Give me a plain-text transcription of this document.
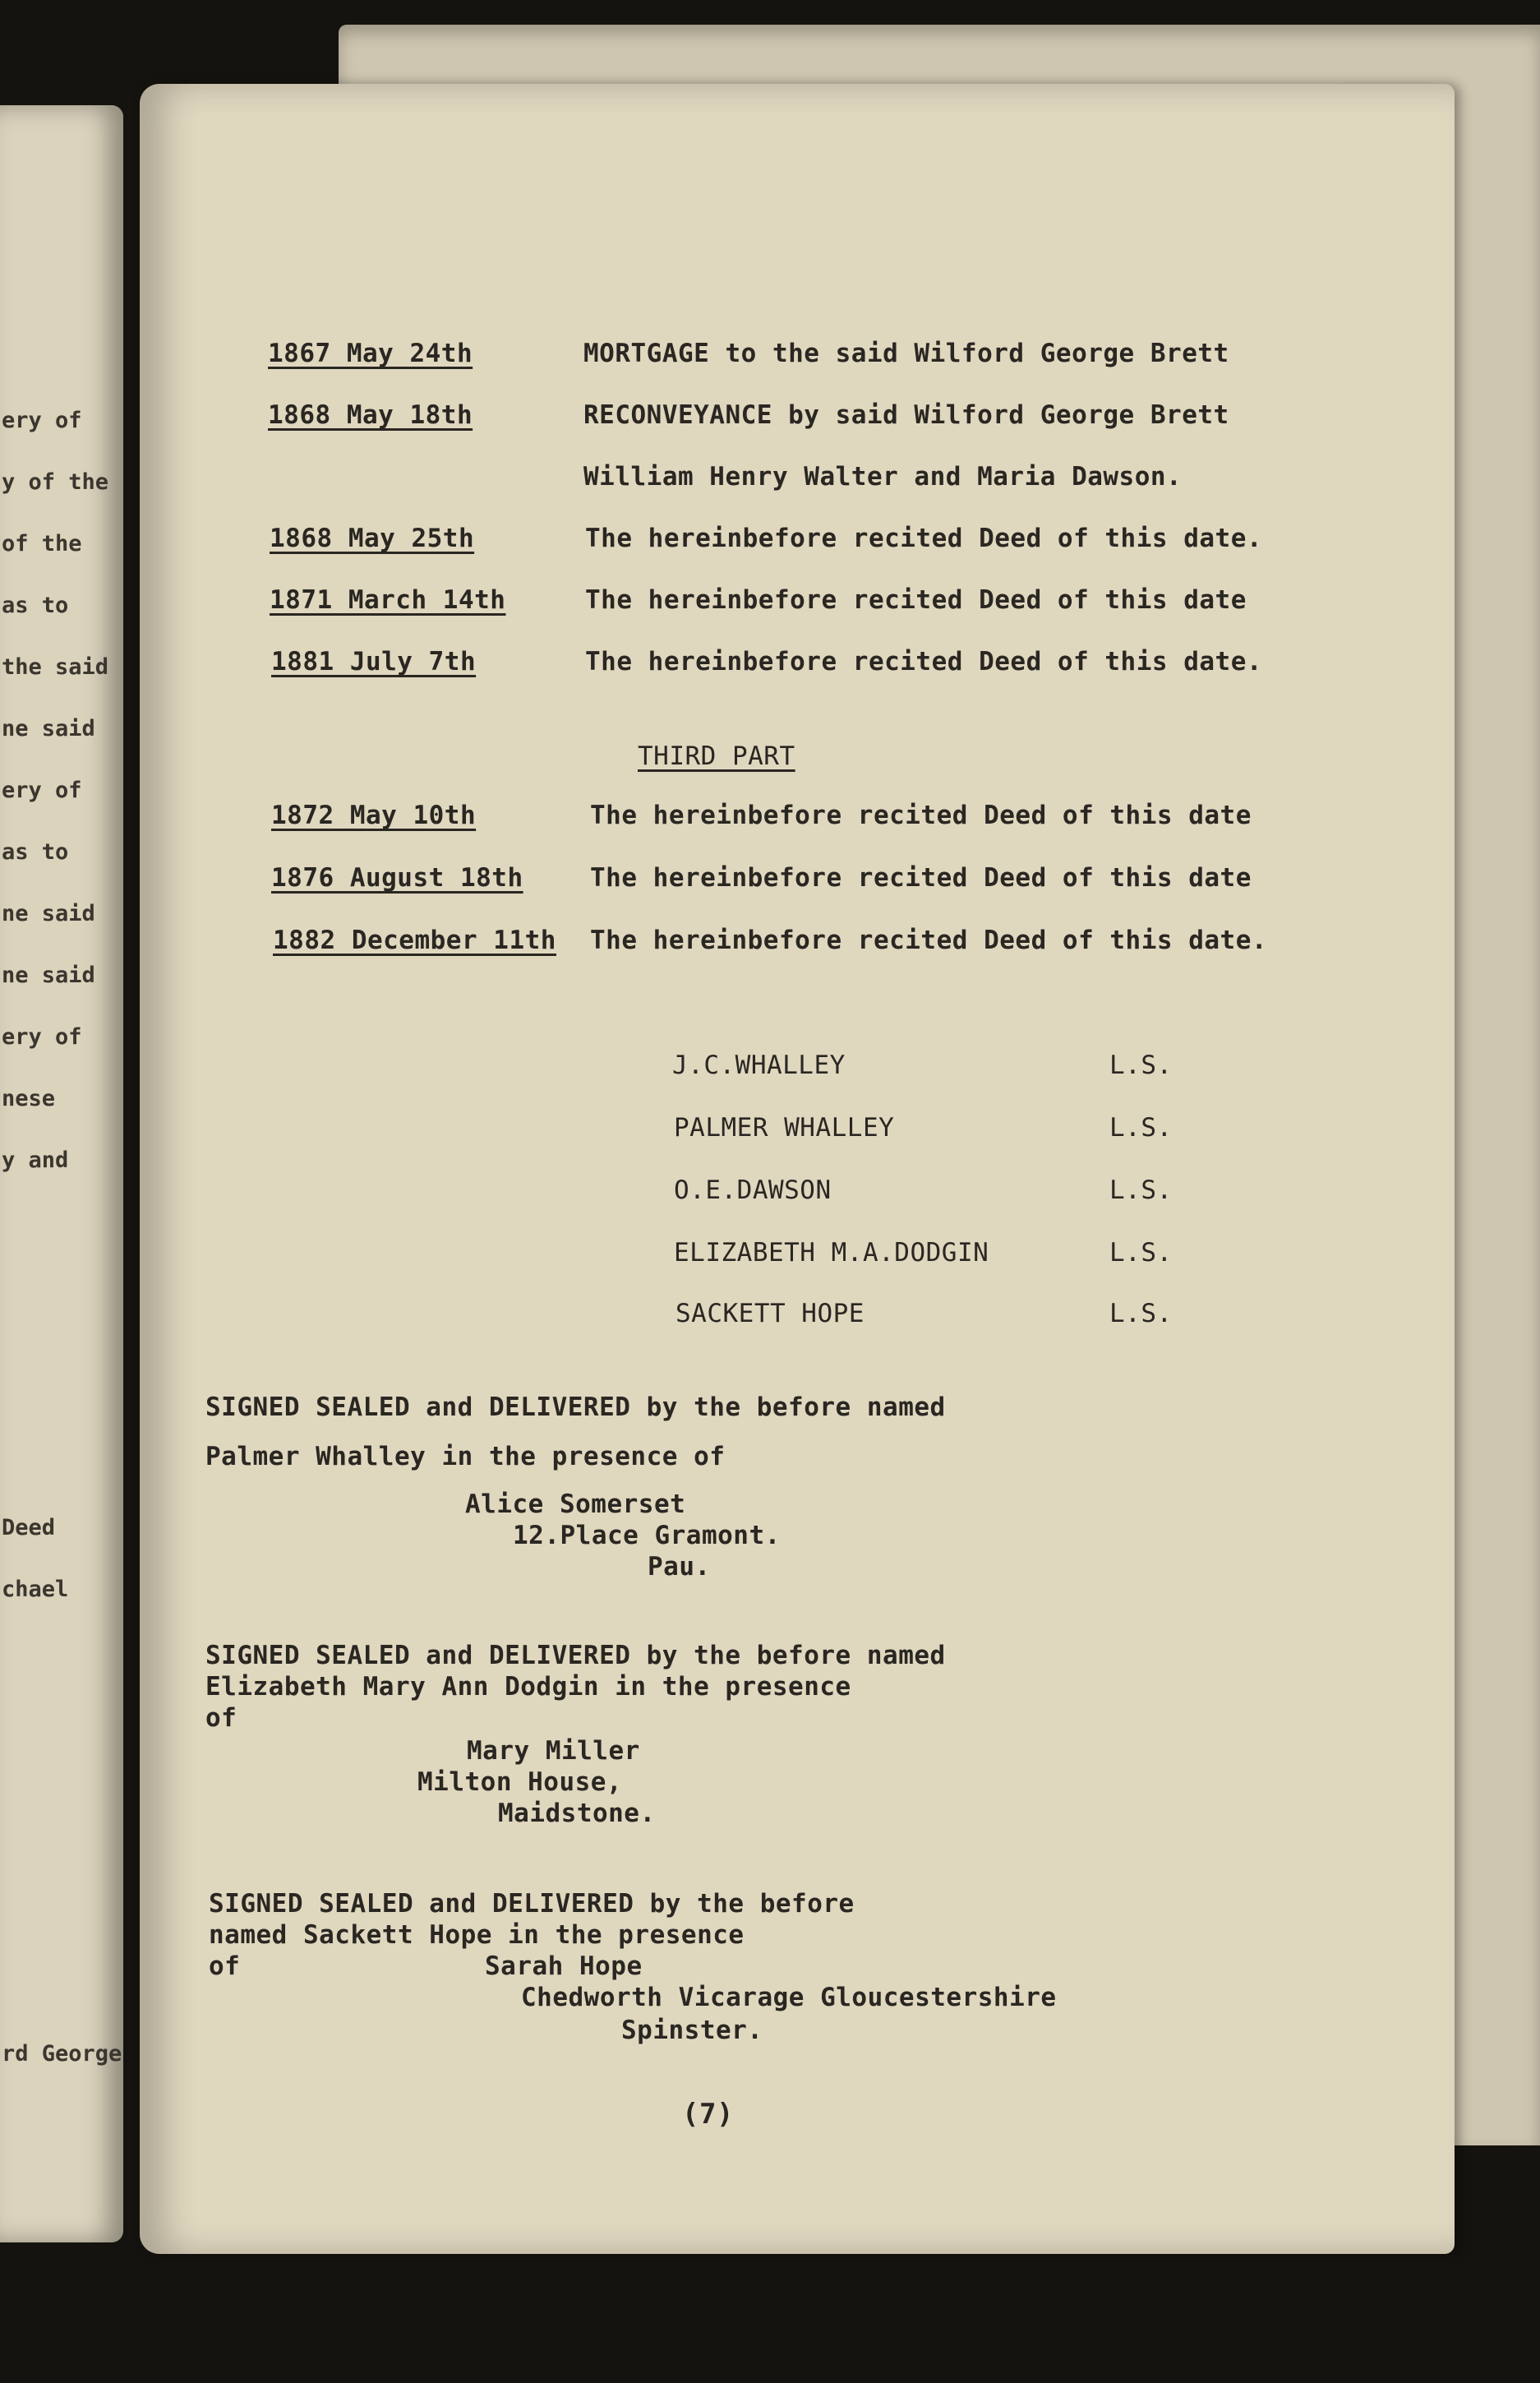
ery of
y of the
of the
as to
the said
ne said
ery of
as to
ne said
ne said
ery of
nese
y and
Deed
chael
rd George
1867 May 24th	MORTGAGE to the said Wilford George Brett
1868 May 18th	RECONVEYANCE by said Wilford George Brett
William Henry Walter and Maria Dawson.
1868 May 25th	The hereinbefore recited Deed of this date.
1871 March 14th	The hereinbefore recited Deed of this date
1881 July 7th	The hereinbefore recited Deed of this date.
THIRD PART
1872 May 10th	The hereinbefore recited Deed of this date
1876 August 18th	The hereinbefore recited Deed of this date
1882 December 11th The hereinbefore recited Deed of this date.
J.C.WHALLEY	L.S.
PALMER WHALLEY	L.S.
O.E.DAWSON	L.S.
ELIZABETH M.A.DODGIN	L.S.
SACKETT HOPE	L.S.
SIGNED SEALED and DELIVERED by the before named
Palmer Whalley in the presence of
Alice Somerset
12.Place Gramont.
Pau.
SIGNED SEALED and DELIVERED by the before named
Elizabeth Mary Ann Dodgin in the presence
of
Mary Miller
Milton House,
Maidstone.
SIGNED SEALED and DELIVERED by the before
named Sackett Hope in the presence
of	Sarah Hope
Chedworth Vicarage Gloucestershire
Spinster.
(7)
